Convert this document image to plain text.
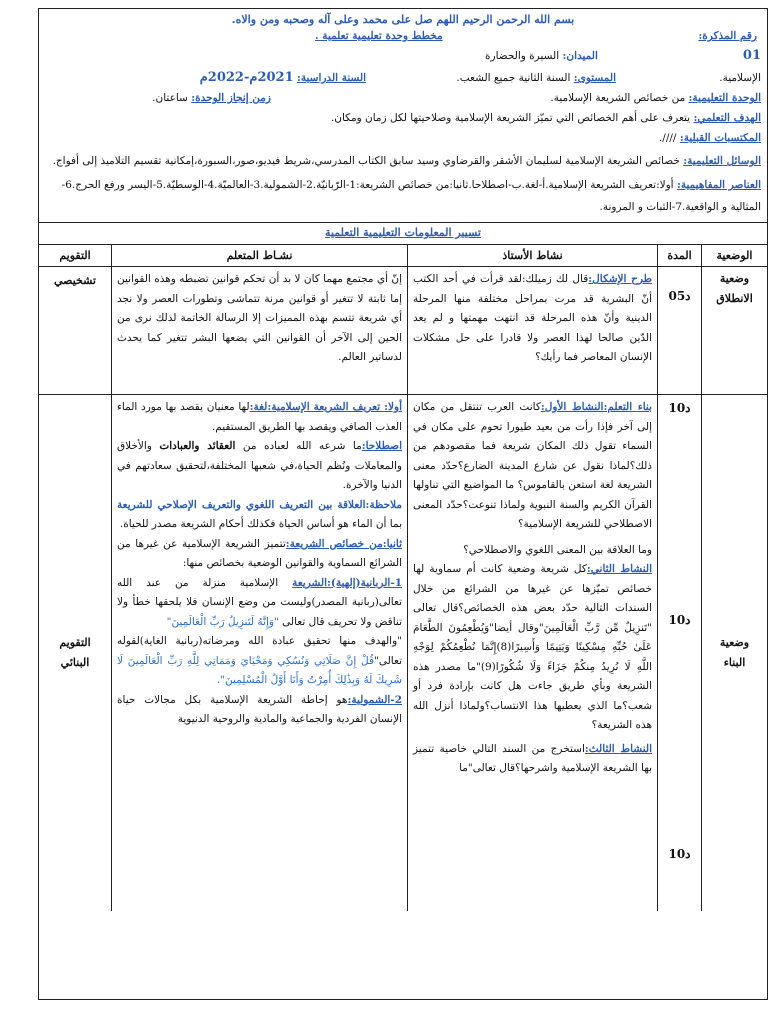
بسم الله الرحمن الرحيم اللهم صل على محمد وعلى آله وصحبه ومن والاه.
رقم المذكرة:
مخطط وحدة تعليمية تعلمية .
01
الميدان: السيرة والحضارة
الإسلامية.
المستوى: السنة الثانية جميع الشعب.
السنة الدراسية: 2021م-2022م
الوحدة التعليمية: من خصائص الشريعة الإسلامية.
زمن إنجاز الوحدة: ساعتان.
الهدف التعلمي: يتعرف على أهم الخصائص التي تميّز الشريعة الإسلامية وصلاحيتها لكل زمان ومكان.
المكتسبات القبلية: ////.
الوسائل التعليمية: خصائص الشريعة الإسلامية لسليمان الأشقر والقرضاوي وسيد سابق الكتاب المدرسي،شريط فيديو،صور،السبورة،إمكانية تقسيم التلاميذ إلى أفواج.
العناصر المفاهيمية: أولا:تعريف الشريعة الإسلامية.أ-لغة.ب-اصطلاحا.ثانيا:من خصائص الشريعة:1-الرّبانيّة.2-الشمولية.3-العالميّة.4-الوسطيّة.5-اليسر ورفع الحرج.6-المثالية و الواقعية.7-الثبات و المرونة.
تسيير المعلومات التعليمية التعلمية
الوضعية
المدة
نشاط الأستاذ
نشـاط المتعلم
التقويم
وضعية الانطلاق
05د
طرح الإشكال:قال لك زميلك:لقد قرأت في أحد الكتب أنّ البشرية قد مرت بمراحل مختلفة منها المرحلة الدينية وأنّ هذه المرحلة قد انتهت مهمتها و لم يعد الدّين صالحا لهذا العصر ولا قادرا على حل مشكلات الإنسان المعاصر فما رأيك؟
إنّ أي مجتمع مهما كان لا بد أن تحكم قوانين تضبطه وهذه القوانين إما ثابتة لا تتغير أو قوانين مرنة تتماشى وتطورات العصر ولا نجد أي شريعة تتسم بهذه المميزات إلا الرسالة الخاتمة لذلك نرى من الحين إلى الآخر أن القوانين التي يضعها البشر تتغير كما يحدث لدساتير العالم.
تشخيصي
وضعية البناء
10د
10د
10د
بناء التعلم:النشاط الأول:كانت العرب تنتقل من مكان إلى آخر فإذا رأت من بعيد طيورا تحوم على مكان في السماء تقول ذلك المكان شريعة فما مقصودهم من ذلك؟لماذا نقول عن شارع المدينة الضارع؟حدّد معنى الشريعة لغة استعن بالقاموس؟ ما المواضيع التي تناولها القرآن الكريم والسنة النبوية ولماذا تنوعت؟حدّد المعنى الاصطلاحي للشريعة الإسلامية؟
وما العلاقة بين المعنى اللغوي والاصطلاحي؟
النشاط الثاني:كل شريعة وضعية كانت أم سماوية لها خصائص تميّزها عن غيرها من الشرائع من خلال السندات التالية حدّد بعض هذه الخصائص؟قال تعالى "تَنزِيلٌ مِّن رَّبِّ الْعَالَمِينَ"وقال أيضا"وَيُطْعِمُونَ الطَّعَامَ عَلَىٰ حُبِّهِ مِسْكِينًا وَيَتِيمًا وَأَسِيرًا(8)إِنَّمَا نُطْعِمُكُمْ لِوَجْهِ اللَّهِ لَا نُرِيدُ مِنكُمْ جَزَاءً وَلَا شُكُورًا(9)"ما مصدر هذه الشريعة وبأي طريق جاءت هل كانت بإرادة فرد أو شعب؟ما الذي يعطيها هذا الانتساب؟ولماذا أنزل الله هذه الشريعة؟
النشاط الثالث:استخرج من السند التالي خاصية تتميز بها الشريعة الإسلامية واشرحها؟قال تعالى"ما
أولا: تعريف الشريعة الإسلامية:لغة:لها معنيان يقصد بها مورد الماء العذب الصافي ويقصد بها الطريق المستقيم.
اصطلاحا:ما شرعه الله لعباده من العقائد والعبادات والأخلاق والمعاملات ونُظم الحياة،في شعبها المختلفة،لتحقيق سعادتهم في الدنيا والآخرة.
ملاحظة:العلاقة بين التعريف اللغوي والتعريف الإصلاحي للشريعة بما أن الماء هو أساس الحياة فكذلك أحكام الشريعة مصدر للحياة.
ثانيا:من خصائص الشريعة:تتميز الشريعة الإسلامية عن غيرها من الشرائع السماوية والقوانين الوضعية بخصائص منها:
1-الربانية(إلهية):الشريعة الإسلامية منزلة من عند الله تعالى(ربانية المصدر)وليست من وضع الإنسان فلا يلحقها خطأ ولا تناقض ولا تحريف قال تعالى "وَإِنَّهُ لَتَنزِيلُ رَبِّ الْعَالَمِينَ"
"والهدف منها تحقيق عبادة الله ومرضاته(ربانية الغاية)لقوله تعالى"قُلْ إِنَّ صَلَاتِي وَنُسُكِي وَمَحْيَايَ وَمَمَاتِي لِلَّهِ رَبِّ الْعَالَمِينَ لَا شَرِيكَ لَهُ وَبِذَٰلِكَ أُمِرْتُ وَأَنَا أَوَّلُ الْمُسْلِمِينَ".
2-الشمولية:هو إحاطة الشريعة الإسلامية بكل مجالات حياة الإنسان الفردية والجماعية والمادية والروحية الدنيوية
التقويم البنائي
